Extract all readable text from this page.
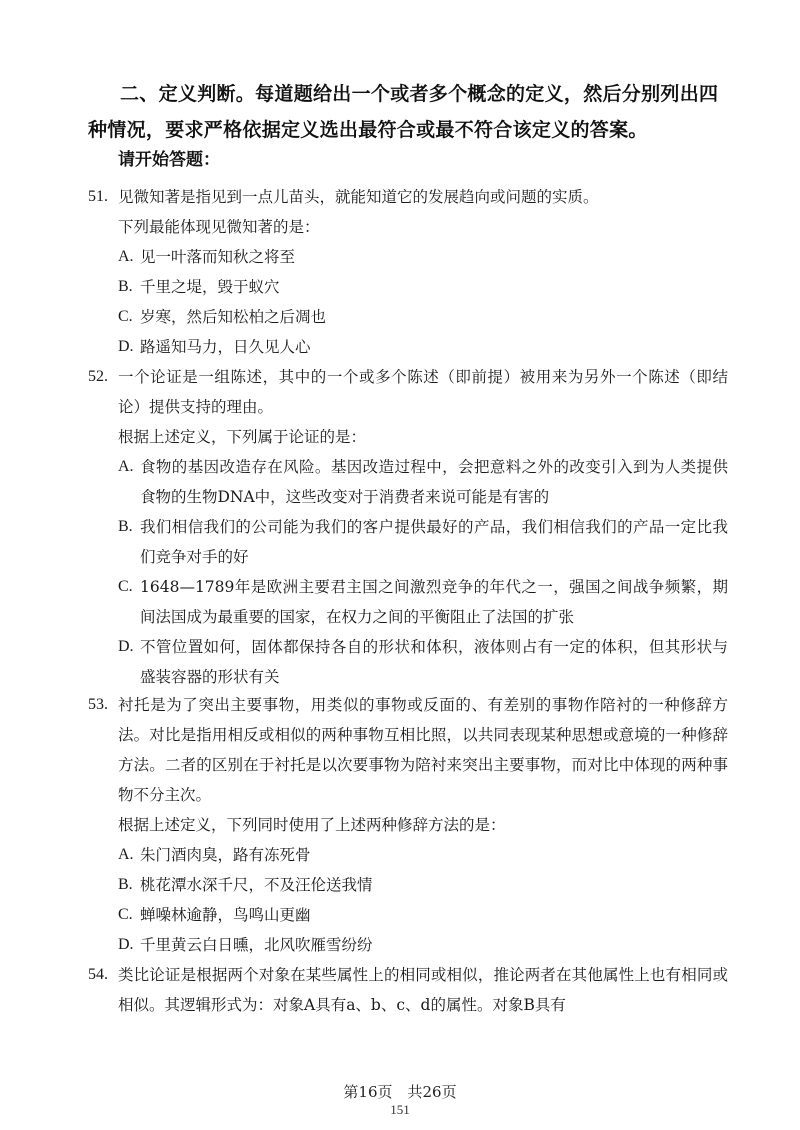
二、定义判断。每道题给出一个或者多个概念的定义，然后分别列出四种情况，要求严格依据定义选出最符合或最不符合该定义的答案。
请开始答题：
51. 见微知著是指见到一点儿苗头，就能知道它的发展趋向或问题的实质。
下列最能体现见微知著的是：
A. 见一叶落而知秋之将至
B. 千里之堤，毁于蚁穴
C. 岁寒，然后知松柏之后凋也
D. 路遥知马力，日久见人心
52. 一个论证是一组陈述，其中的一个或多个陈述（即前提）被用来为另外一个陈述（即结论）提供支持的理由。
根据上述定义，下列属于论证的是：
A. 食物的基因改造存在风险。基因改造过程中，会把意料之外的改变引入到为人类提供食物的生物DNA中，这些改变对于消费者来说可能是有害的
B. 我们相信我们的公司能为我们的客户提供最好的产品，我们相信我们的产品一定比我们竞争对手的好
C. 1648—1789年是欧洲主要君主国之间激烈竞争的年代之一，强国之间战争频繁，期间法国成为最重要的国家，在权力之间的平衡阻止了法国的扩张
D. 不管位置如何，固体都保持各自的形状和体积，液体则占有一定的体积，但其形状与盛装容器的形状有关
53. 衬托是为了突出主要事物，用类似的事物或反面的、有差别的事物作陪衬的一种修辞方法。对比是指用相反或相似的两种事物互相比照，以共同表现某种思想或意境的一种修辞方法。二者的区别在于衬托是以次要事物为陪衬来突出主要事物，而对比中体现的两种事物不分主次。
根据上述定义，下列同时使用了上述两种修辞方法的是：
A. 朱门酒肉臭，路有冻死骨
B. 桃花潭水深千尺，不及汪伦送我情
C. 蝉噪林逾静，鸟鸣山更幽
D. 千里黄云白日曛，北风吹雁雪纷纷
54. 类比论证是根据两个对象在某些属性上的相同或相似，推论两者在其他属性上也有相同或相似。其逻辑形式为：对象A具有a、b、c、d的属性。对象B具有
第16页　共26页
151
